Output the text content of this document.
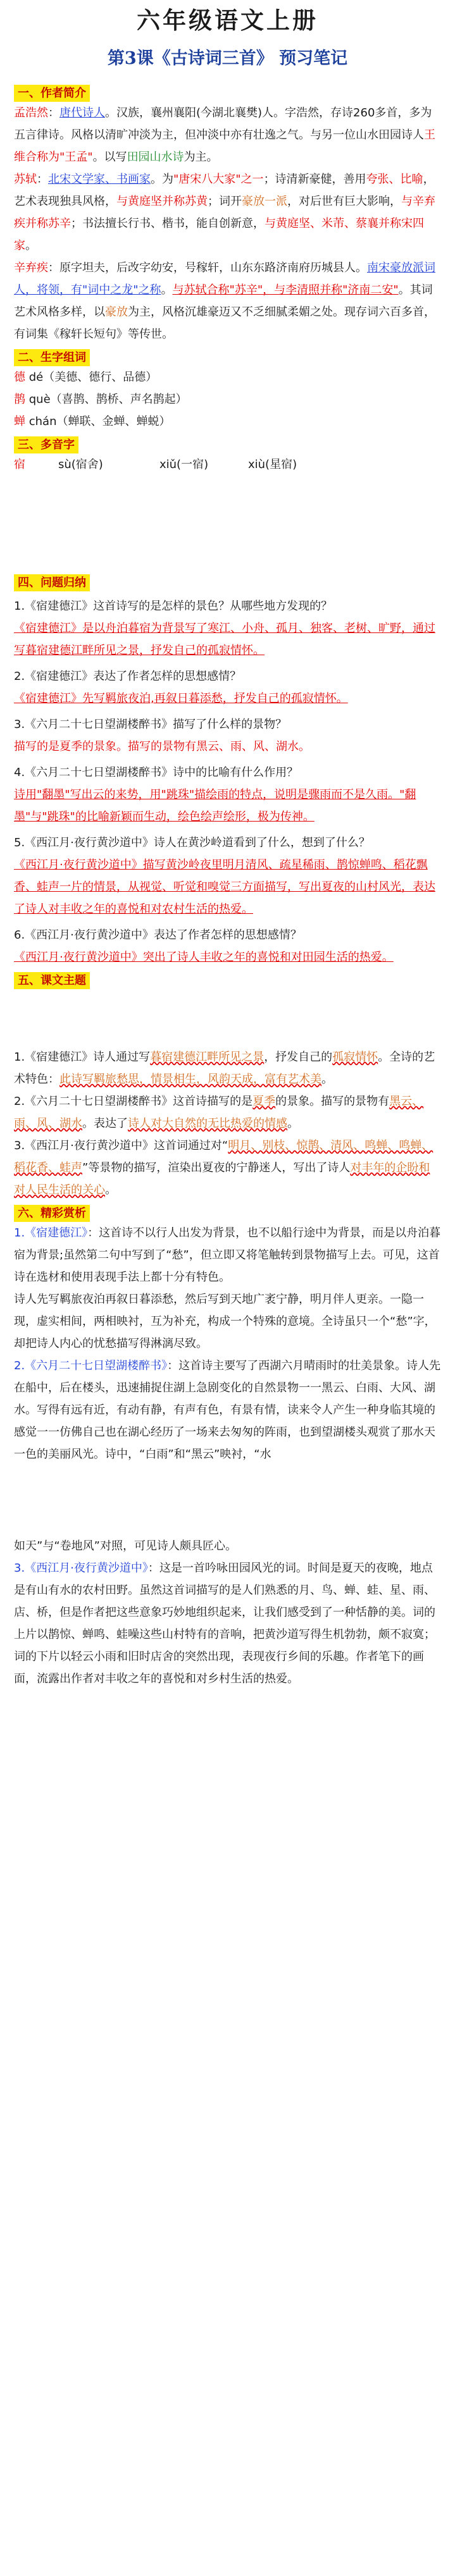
六年级语文上册
第3课《古诗词三首》 预习笔记
一、作者简介

孟浩然：唐代诗人。汉族，襄州襄阳(今湖北襄樊)人。字浩然，存诗260多首，多为五言律诗。风格以清旷冲淡为主，但冲淡中亦有壮逸之气。与另一位山水田园诗人王维合称为"王孟"。以写田园山水诗为主。

苏轼：北宋文学家、书画家。为"唐宋八大家"之一；诗清新豪健，善用夸张、比喻，艺术表现独具风格，与黄庭坚并称苏黄；词开豪放一派，对后世有巨大影响，与辛弃疾并称苏辛；书法擅长行书、楷书，能自创新意，与黄庭坚、米芾、蔡襄并称宋四家。

辛弃疾：原字坦夫，后改字幼安，号稼轩，山东东路济南府历城县人。南宋豪放派词人，将领，有"词中之龙"之称。与苏轼合称"苏辛"，与李清照并称"济南二安"。其词艺术风格多样，以豪放为主，风格沉雄豪迈又不乏细腻柔媚之处。现存词六百多首，有词集《稼轩长短句》等传世。

二、生字组词

德 dé（美德、德行、品德）

鹊 què（喜鹊、鹊桥、声名鹊起）

蝉 chán（蝉联、金蝉、蝉蜕）

三、多音字
宿	sù(宿舍)	xiǔ(一宿)	xiù(星宿)
四、问题归纳

1.《宿建德江》这首诗写的是怎样的景色？从哪些地方发现的？

《宿建德江》是以舟泊暮宿为背景写了寒江、小舟、孤月、独客、老树、旷野，通过写暮宿建德江畔所见之景，抒发自己的孤寂情怀。

2.《宿建德江》表达了作者怎样的思想感情？

《宿建德江》先写羁旅夜泊,再叙日暮添愁，抒发自己的孤寂情怀。

3.《六月二十七日望湖楼醉书》描写了什么样的景物？

描写的是夏季的景象。描写的景物有黑云、雨、风、湖水。

4.《六月二十七日望湖楼醉书》诗中的比喻有什么作用？

诗用"翻墨"写出云的来势，用"跳珠"描绘雨的特点，说明是骤雨而不是久雨。"翻墨"与"跳珠"的比喻新颖而生动，绘色绘声绘形，极为传神。

5.《西江月·夜行黄沙道中》诗人在黄沙岭道看到了什么，想到了什么？

《西江月·夜行黄沙道中》描写黄沙岭夜里明月清风、疏星稀雨、鹊惊蝉鸣、稻花飘香、蛙声一片的情景，从视觉、听觉和嗅觉三方面描写，写出夏夜的山村风光，表达了诗人对丰收之年的喜悦和对农村生活的热爱。

6.《西江月·夜行黄沙道中》表达了作者怎样的思想感情？

《西江月·夜行黄沙道中》突出了诗人丰收之年的喜悦和对田园生活的热爱。

五、课文主题

1.《宿建德江》诗人通过写暮宿建德江畔所见之景，抒发自己的孤寂情怀。全诗的艺术特色：此诗写羁旅愁思，情景相生，风韵天成，富有艺术美。

2.《六月二十七日望湖楼醉书》这首诗描写的是夏季的景象。描写的景物有黑云、雨、风、湖水。表达了诗人对大自然的无比热爱的情感。

3.《西江月·夜行黄沙道中》这首词通过对“明月、别枝、惊鹊、清风、鸣蝉、鸣蝉、稻花香、蛙声”等景物的描写，渲染出夏夜的宁静迷人，写出了诗人对丰年的企盼和对人民生活的关心。

六、精彩赏析

1.《宿建德江》：这首诗不以行人出发为背景，也不以船行途中为背景，而是以舟泊暮宿为背景;虽然第二句中写到了“愁”，但立即又将笔触转到景物描写上去。可见，这首诗在选材和使用表现手法上都十分有特色。

诗人先写羁旅夜泊再叙日暮添愁，然后写到天地广袤宁静，明月伴人更亲。一隐一现，虚实相间，两相映衬，互为补充，构成一个特殊的意境。全诗虽只一个“愁”字，却把诗人内心的忧愁描写得淋漓尽致。

2.《六月二十七日望湖楼醉书》：这首诗主要写了西湖六月晴雨时的壮美景象。诗人先在船中，后在楼头，迅速捕捉住湖上急剧变化的自然景物一一黑云、白雨、大风、湖水。写得有远有近，有动有静，有声有色，有景有情，读来令人产生一种身临其境的感觉一一仿佛自己也在湖心经历了一场来去匆匆的阵雨，也到望湖楼头观赏了那水天一色的美丽风光。诗中，“白雨”和“黑云”映衬，“水

如天”与“卷地风”对照，可见诗人颇具匠心。

3.《西江月·夜行黄沙道中》：这是一首吟咏田园风光的词。时间是夏天的夜晚，地点是有山有水的农村田野。虽然这首词描写的是人们熟悉的月、鸟、蝉、蛙、星、雨、店、桥，但是作者把这些意象巧妙地组织起来，让我们感受到了一种恬静的美。词的上片以鹊惊、蝉鸣、蛙噪这些山村特有的音响，把黄沙道写得生机勃勃，颇不寂寞；词的下片以轻云小雨和旧时店舍的突然出现，表现夜行乡间的乐趣。作者笔下的画面，流露出作者对丰收之年的喜悦和对乡村生活的热爱。
